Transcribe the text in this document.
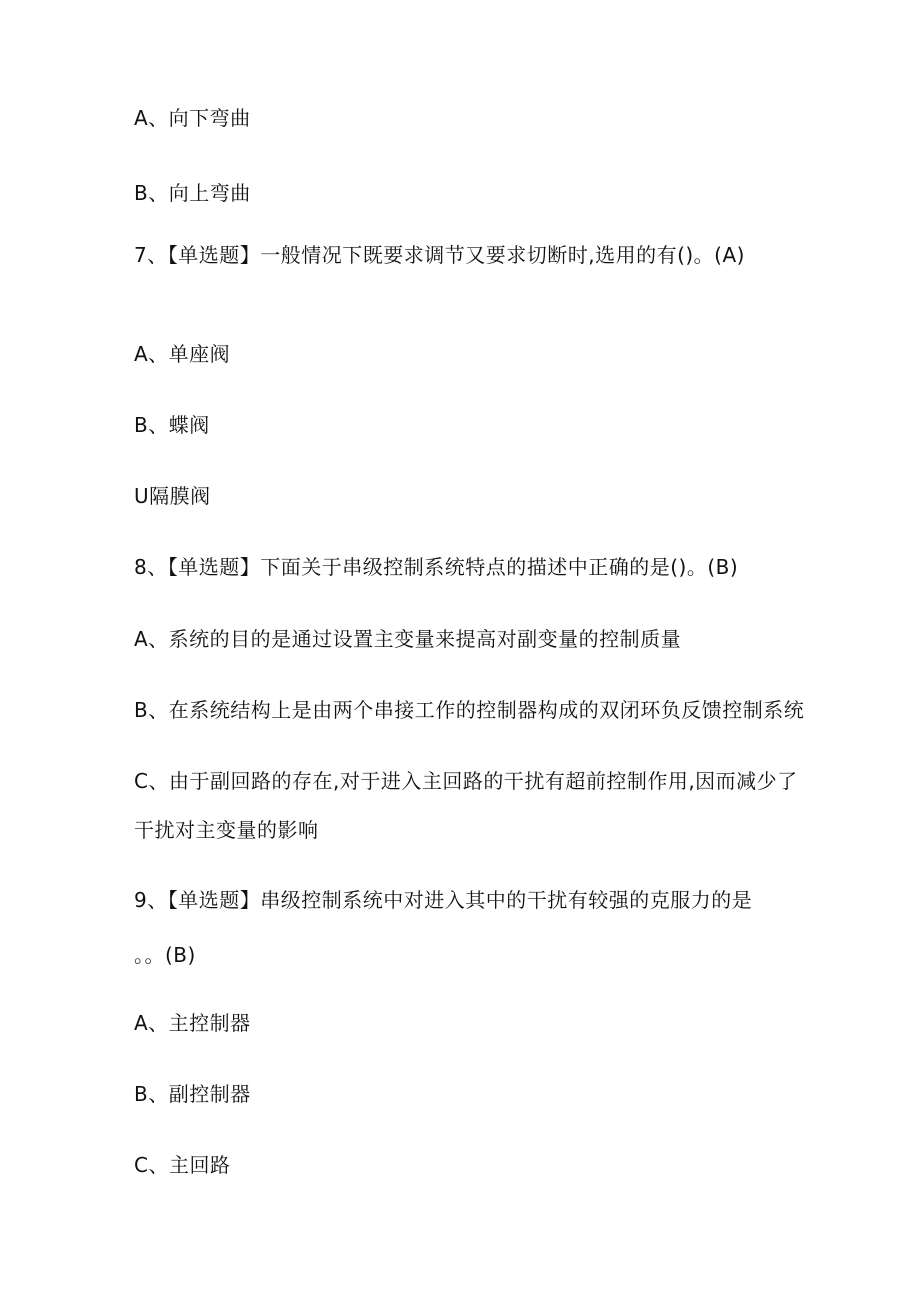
A、向下弯曲
B、向上弯曲
7、【单选题】一般情况下既要求调节又要求切断时,选用的有()。(A)
A、单座阀
B、蝶阀
U隔膜阀
8、【单选题】下面关于串级控制系统特点的描述中正确的是()。(B)
A、系统的目的是通过设置主变量来提高对副变量的控制质量
B、在系统结构上是由两个串接工作的控制器构成的双闭环负反馈控制系统
C、由于副回路的存在,对于进入主回路的干扰有超前控制作用,因而减少了
干扰对主变量的影响
9、【单选题】串级控制系统中对进入其中的干扰有较强的克服力的是
。。(B)
A、主控制器
B、副控制器
C、主回路
